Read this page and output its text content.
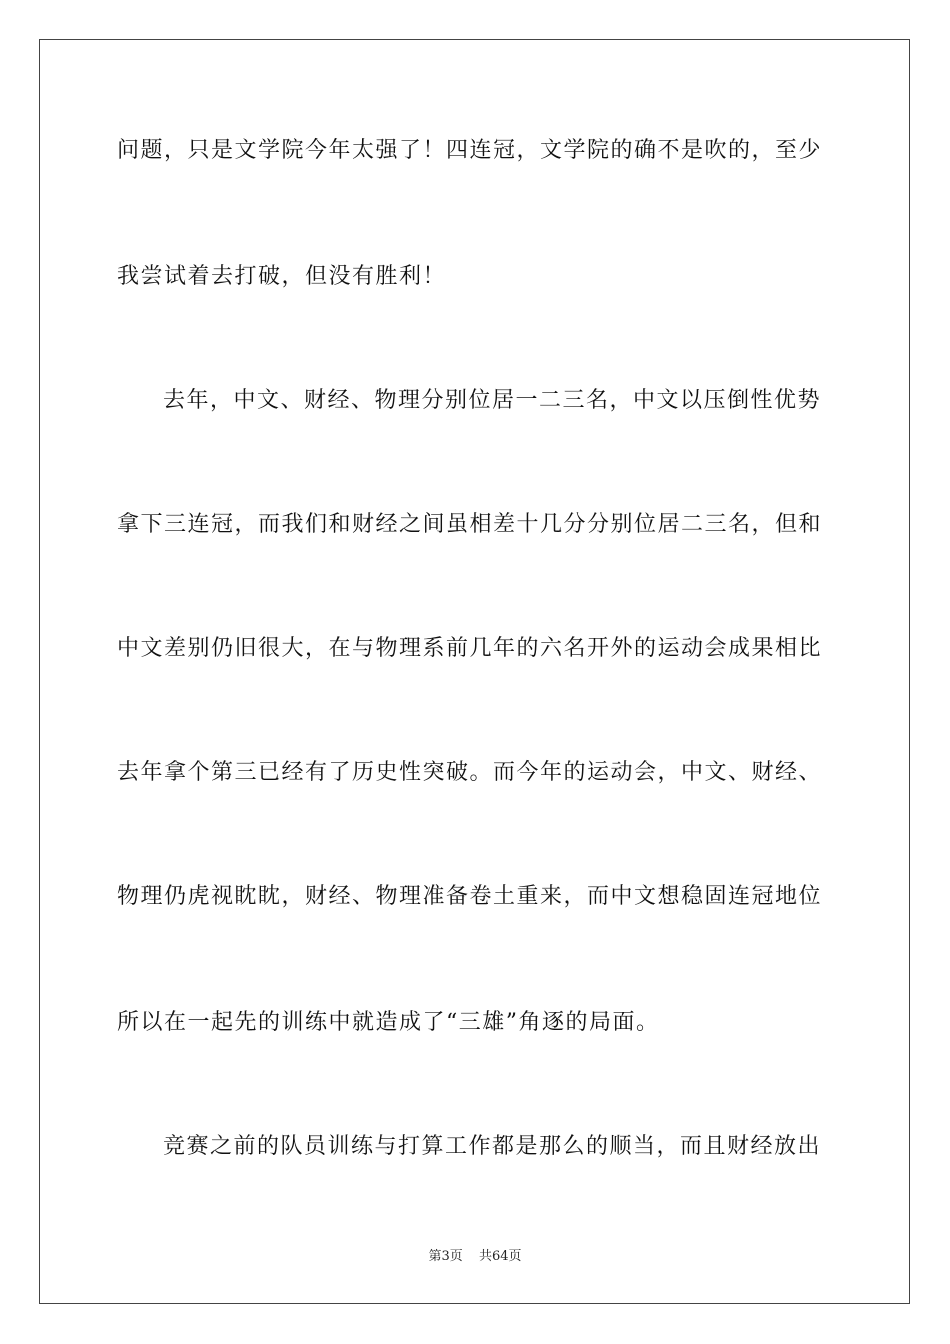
问题，只是文学院今年太强了！四连冠，文学院的确不是吹的，至少
我尝试着去打破，但没有胜利！
去年，中文、财经、物理分别位居一二三名，中文以压倒性优势
拿下三连冠，而我们和财经之间虽相差十几分分别位居二三名，但和
中文差别仍旧很大，在与物理系前几年的六名开外的运动会成果相比
去年拿个第三已经有了历史性突破。而今年的运动会，中文、财经、
物理仍虎视眈眈，财经、物理准备卷土重来，而中文想稳固连冠地位
所以在一起先的训练中就造成了“三雄”角逐的局面。
竞赛之前的队员训练与打算工作都是那么的顺当，而且财经放出
第3页 共64页
